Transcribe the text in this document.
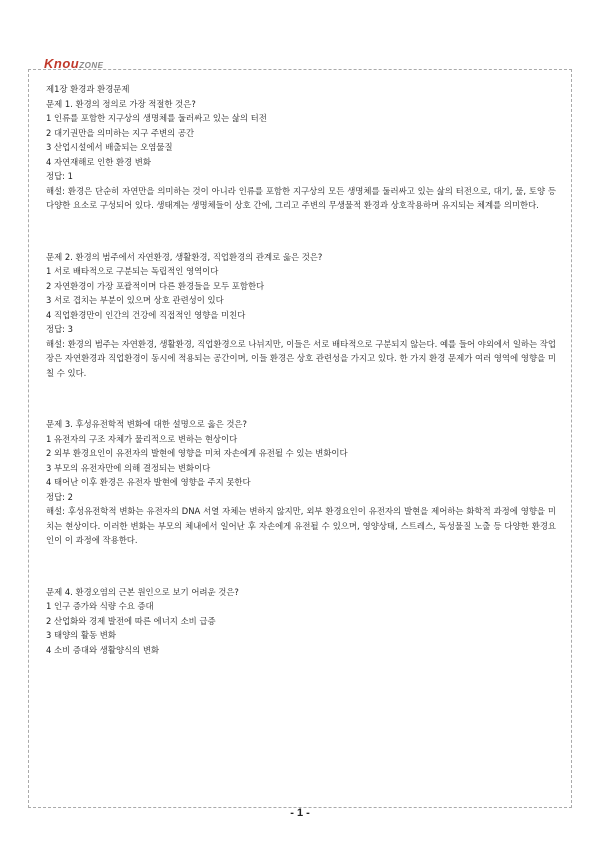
KnouZONE

제1장 환경과 환경문제

문제 1. 환경의 정의로 가장 적절한 것은?

1 인류를 포함한 지구상의 생명체를 둘러싸고 있는 삶의 터전

2 대기권만을 의미하는 지구 주변의 공간

3 산업시설에서 배출되는 오염물질

4 자연재해로 인한 환경 변화

정답: 1

해설: 환경은 단순히 자연만을 의미하는 것이 아니라 인류를 포함한 지구상의 모든 생명체를 둘러싸고 있는 삶의 터전으로, 대기, 물, 토양 등 다양한 요소로 구성되어 있다. 생태계는 생명체들이 상호 간에, 그리고 주변의 무생물적 환경과 상호작용하며 유지되는 체계를 의미한다.

문제 2. 환경의 범주에서 자연환경, 생활환경, 직업환경의 관계로 옳은 것은?

1 서로 배타적으로 구분되는 독립적인 영역이다

2 자연환경이 가장 포괄적이며 다른 환경들을 모두 포함한다

3 서로 겹치는 부분이 있으며 상호 관련성이 있다

4 직업환경만이 인간의 건강에 직접적인 영향을 미친다

정답: 3

해설: 환경의 범주는 자연환경, 생활환경, 직업환경으로 나뉘지만, 이들은 서로 배타적으로 구분되지 않는다. 예를 들어 야외에서 일하는 작업장은 자연환경과 직업환경이 동시에 적용되는 공간이며, 이들 환경은 상호 관련성을 가지고 있다. 한 가지 환경 문제가 여러 영역에 영향을 미칠 수 있다.

문제 3. 후성유전학적 변화에 대한 설명으로 옳은 것은?

1 유전자의 구조 자체가 물리적으로 변하는 현상이다

2 외부 환경요인이 유전자의 발현에 영향을 미쳐 자손에게 유전될 수 있는 변화이다

3 부모의 유전자만에 의해 결정되는 변화이다

4 태어난 이후 환경은 유전자 발현에 영향을 주지 못한다

정답: 2

해설: 후성유전학적 변화는 유전자의 DNA 서열 자체는 변하지 않지만, 외부 환경요인이 유전자의 발현을 제어하는 화학적 과정에 영향을 미치는 현상이다. 이러한 변화는 부모의 체내에서 일어난 후 자손에게 유전될 수 있으며, 영양상태, 스트레스, 독성물질 노출 등 다양한 환경요인이 이 과정에 작용한다.

문제 4. 환경오염의 근본 원인으로 보기 어려운 것은?

1 인구 증가와 식량 수요 증대

2 산업화와 경제 발전에 따른 에너지 소비 급증

3 태양의 활동 변화

4 소비 증대와 생활양식의 변화

- 1 -
